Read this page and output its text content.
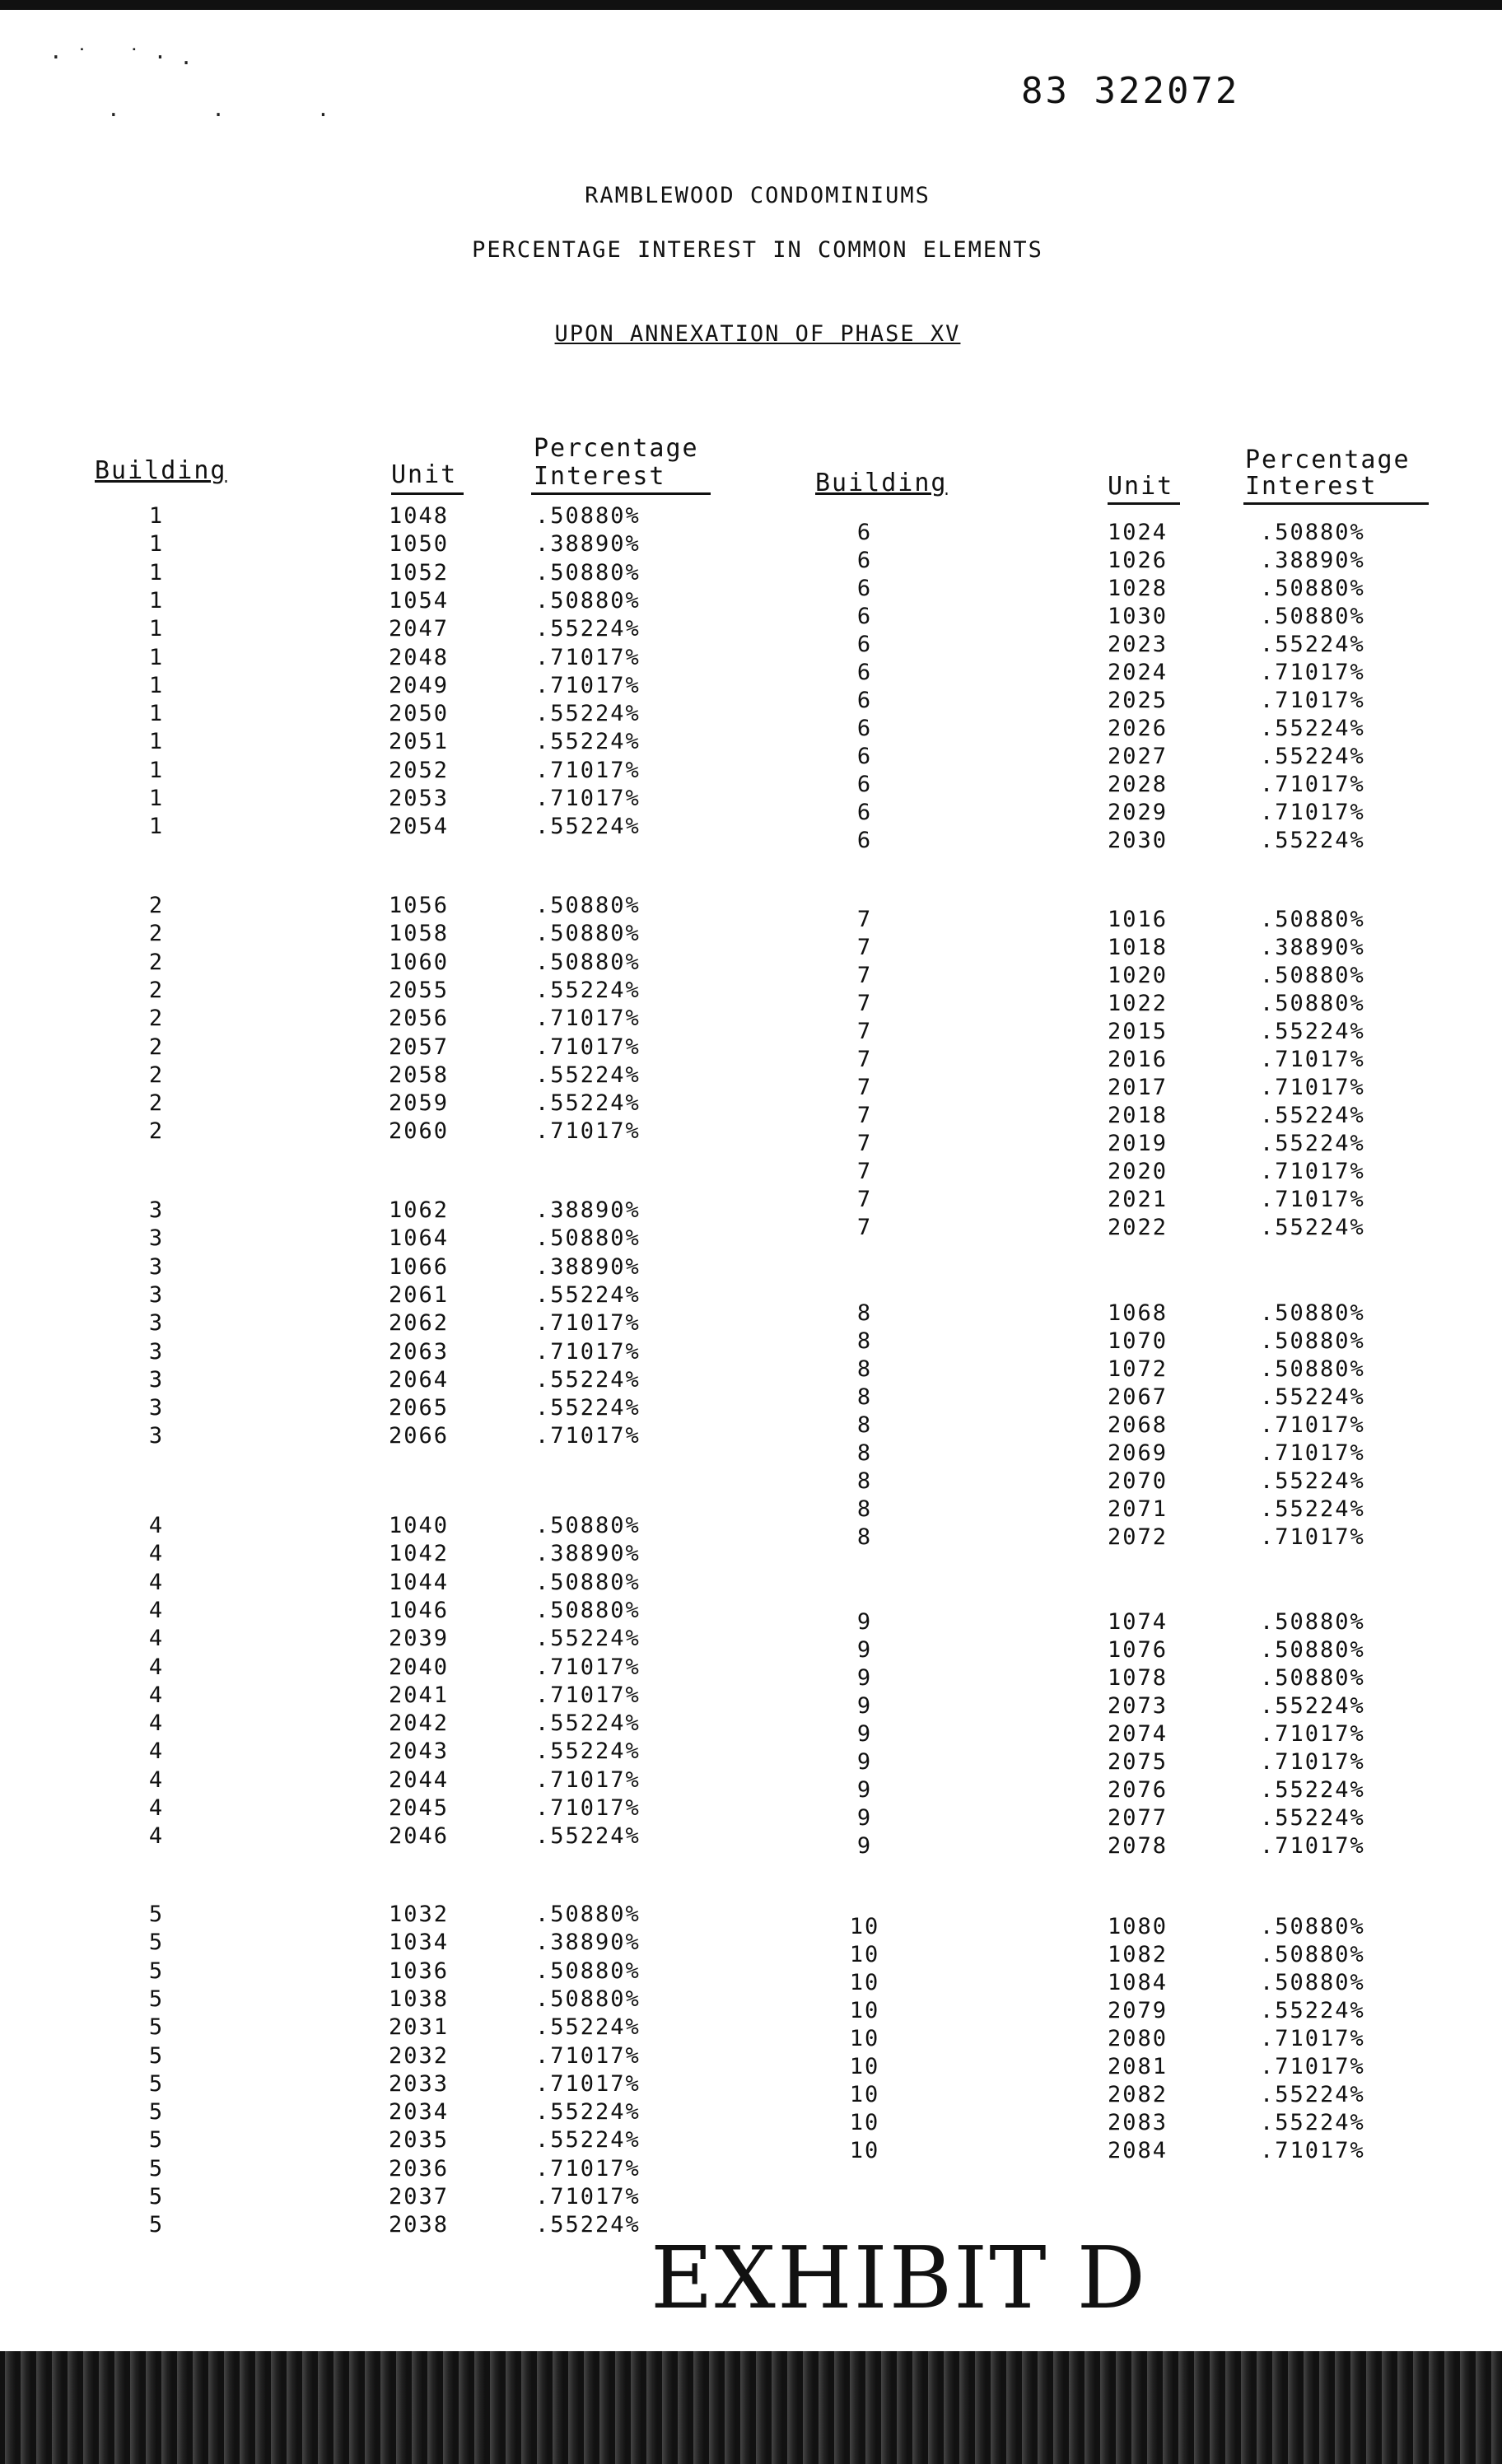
·˙ ˙·.
· · ·
83 322072
RAMBLEWOOD CONDOMINIUMS
PERCENTAGE INTEREST IN COMMON ELEMENTS
UPON ANNEXATION OF PHASE XV
Building	Unit
Percentage
Interest	Building	Unit
Percentage
Interest
1	1048	.50880%
1	1050	.38890%
1	1052	.50880%
1	1054	.50880%
1	2047	.55224%
1	2048	.71017%
1	2049	.71017%
1	2050	.55224%
1	2051	.55224%
1	2052	.71017%
1	2053	.71017%
1	2054	.55224%
2	1056	.50880%
2	1058	.50880%
2	1060	.50880%
2	2055	.55224%
2	2056	.71017%
2	2057	.71017%
2	2058	.55224%
2	2059	.55224%
2	2060	.71017%
3	1062	.38890%
3	1064	.50880%
3	1066	.38890%
3	2061	.55224%
3	2062	.71017%
3	2063	.71017%
3	2064	.55224%
3	2065	.55224%
3	2066	.71017%
4	1040	.50880%
4	1042	.38890%
4	1044	.50880%
4	1046	.50880%
4	2039	.55224%
4	2040	.71017%
4	2041	.71017%
4	2042	.55224%
4	2043	.55224%
4	2044	.71017%
4	2045	.71017%
4	2046	.55224%
5	1032	.50880%
5	1034	.38890%
5	1036	.50880%
5	1038	.50880%
5	2031	.55224%
5	2032	.71017%
5	2033	.71017%
5	2034	.55224%
5	2035	.55224%
5	2036	.71017%
5	2037	.71017%
5	2038	.55224%
6	1024	.50880%
6	1026	.38890%
6	1028	.50880%
6	1030	.50880%
6	2023	.55224%
6	2024	.71017%
6	2025	.71017%
6	2026	.55224%
6	2027	.55224%
6	2028	.71017%
6	2029	.71017%
6	2030	.55224%
7	1016	.50880%
7	1018	.38890%
7	1020	.50880%
7	1022	.50880%
7	2015	.55224%
7	2016	.71017%
7	2017	.71017%
7	2018	.55224%
7	2019	.55224%
7	2020	.71017%
7	2021	.71017%
7	2022	.55224%
8	1068	.50880%
8	1070	.50880%
8	1072	.50880%
8	2067	.55224%
8	2068	.71017%
8	2069	.71017%
8	2070	.55224%
8	2071	.55224%
8	2072	.71017%
9	1074	.50880%
9	1076	.50880%
9	1078	.50880%
9	2073	.55224%
9	2074	.71017%
9	2075	.71017%
9	2076	.55224%
9	2077	.55224%
9	2078	.71017%
10	1080	.50880%
10	1082	.50880%
10	1084	.50880%
10	2079	.55224%
10	2080	.71017%
10	2081	.71017%
10	2082	.55224%
10	2083	.55224%
10	2084	.71017%
EXHIBIT D
